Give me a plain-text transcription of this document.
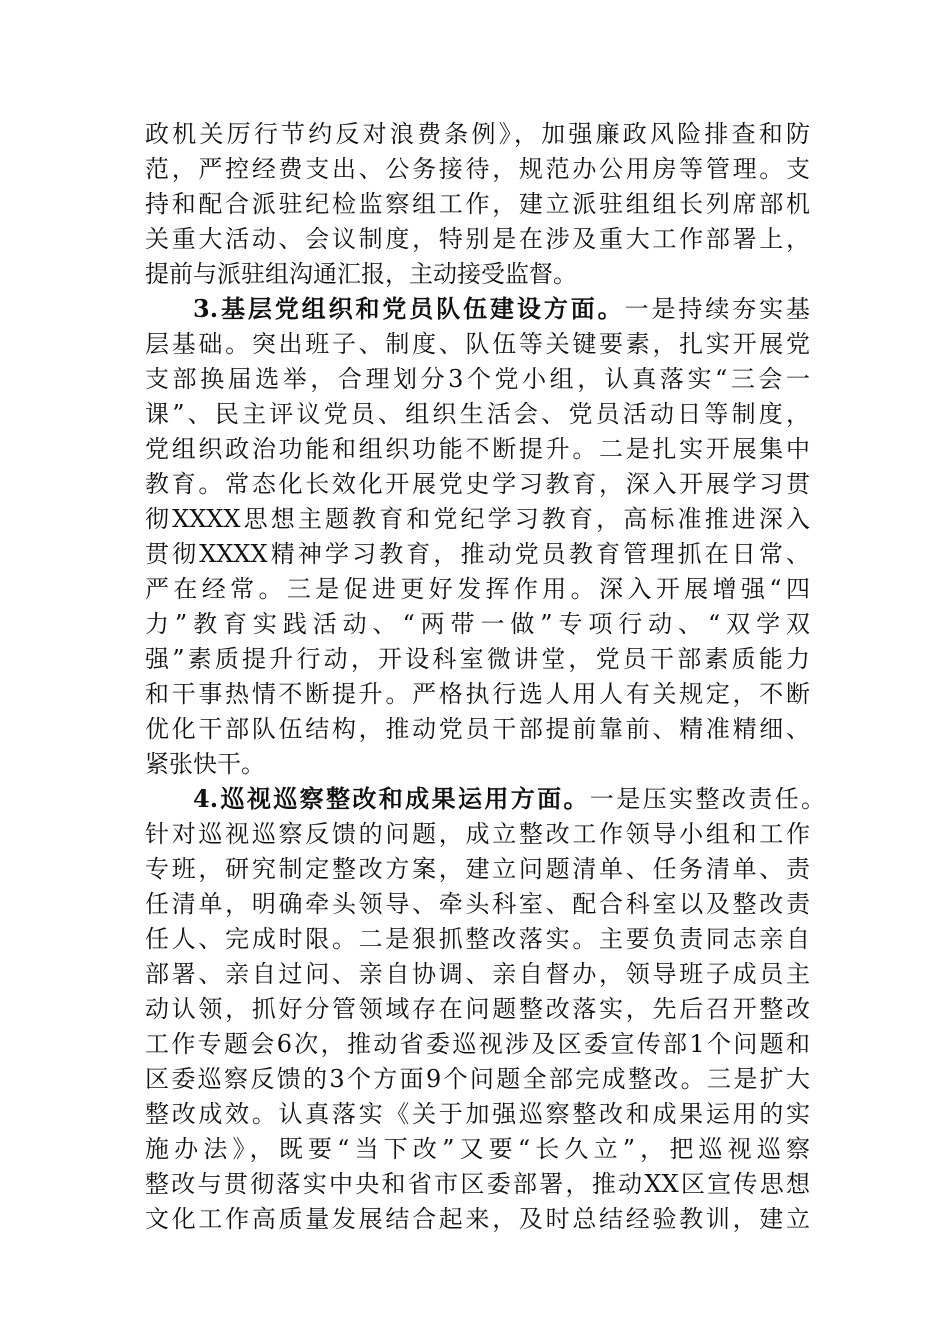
政机关厉行节约反对浪费条例》，加强廉政风险排查和防
范，严控经费支出、公务接待，规范办公用房等管理。支
持和配合派驻纪检监察组工作，建立派驻组组长列席部机
关重大活动、会议制度，特别是在涉及重大工作部署上，
提前与派驻组沟通汇报，主动接受监督。
3.基层党组织和党员队伍建设方面。一是持续夯实基
层基础。突出班子、制度、队伍等关键要素，扎实开展党
支部换届选举，合理划分3个党小组，认真落实“三会一
课”、民主评议党员、组织生活会、党员活动日等制度，
党组织政治功能和组织功能不断提升。二是扎实开展集中
教育。常态化长效化开展党史学习教育，深入开展学习贯
彻XXXX思想主题教育和党纪学习教育，高标准推进深入
贯彻XXXX精神学习教育，推动党员教育管理抓在日常、
严在经常。三是促进更好发挥作用。深入开展增强“四
力”教育实践活动、“两带一做”专项行动、“双学双
强”素质提升行动，开设科室微讲堂，党员干部素质能力
和干事热情不断提升。严格执行选人用人有关规定，不断
优化干部队伍结构，推动党员干部提前靠前、精准精细、
紧张快干。
4.巡视巡察整改和成果运用方面。一是压实整改责任。
针对巡视巡察反馈的问题，成立整改工作领导小组和工作
专班，研究制定整改方案，建立问题清单、任务清单、责
任清单，明确牵头领导、牵头科室、配合科室以及整改责
任人、完成时限。二是狠抓整改落实。主要负责同志亲自
部署、亲自过问、亲自协调、亲自督办，领导班子成员主
动认领，抓好分管领域存在问题整改落实，先后召开整改
工作专题会6次，推动省委巡视涉及区委宣传部1个问题和
区委巡察反馈的3个方面9个问题全部完成整改。三是扩大
整改成效。认真落实《关于加强巡察整改和成果运用的实
施办法》，既要“当下改”又要“长久立”，把巡视巡察
整改与贯彻落实中央和省市区委部署，推动XX区宣传思想
文化工作高质量发展结合起来，及时总结经验教训，建立
